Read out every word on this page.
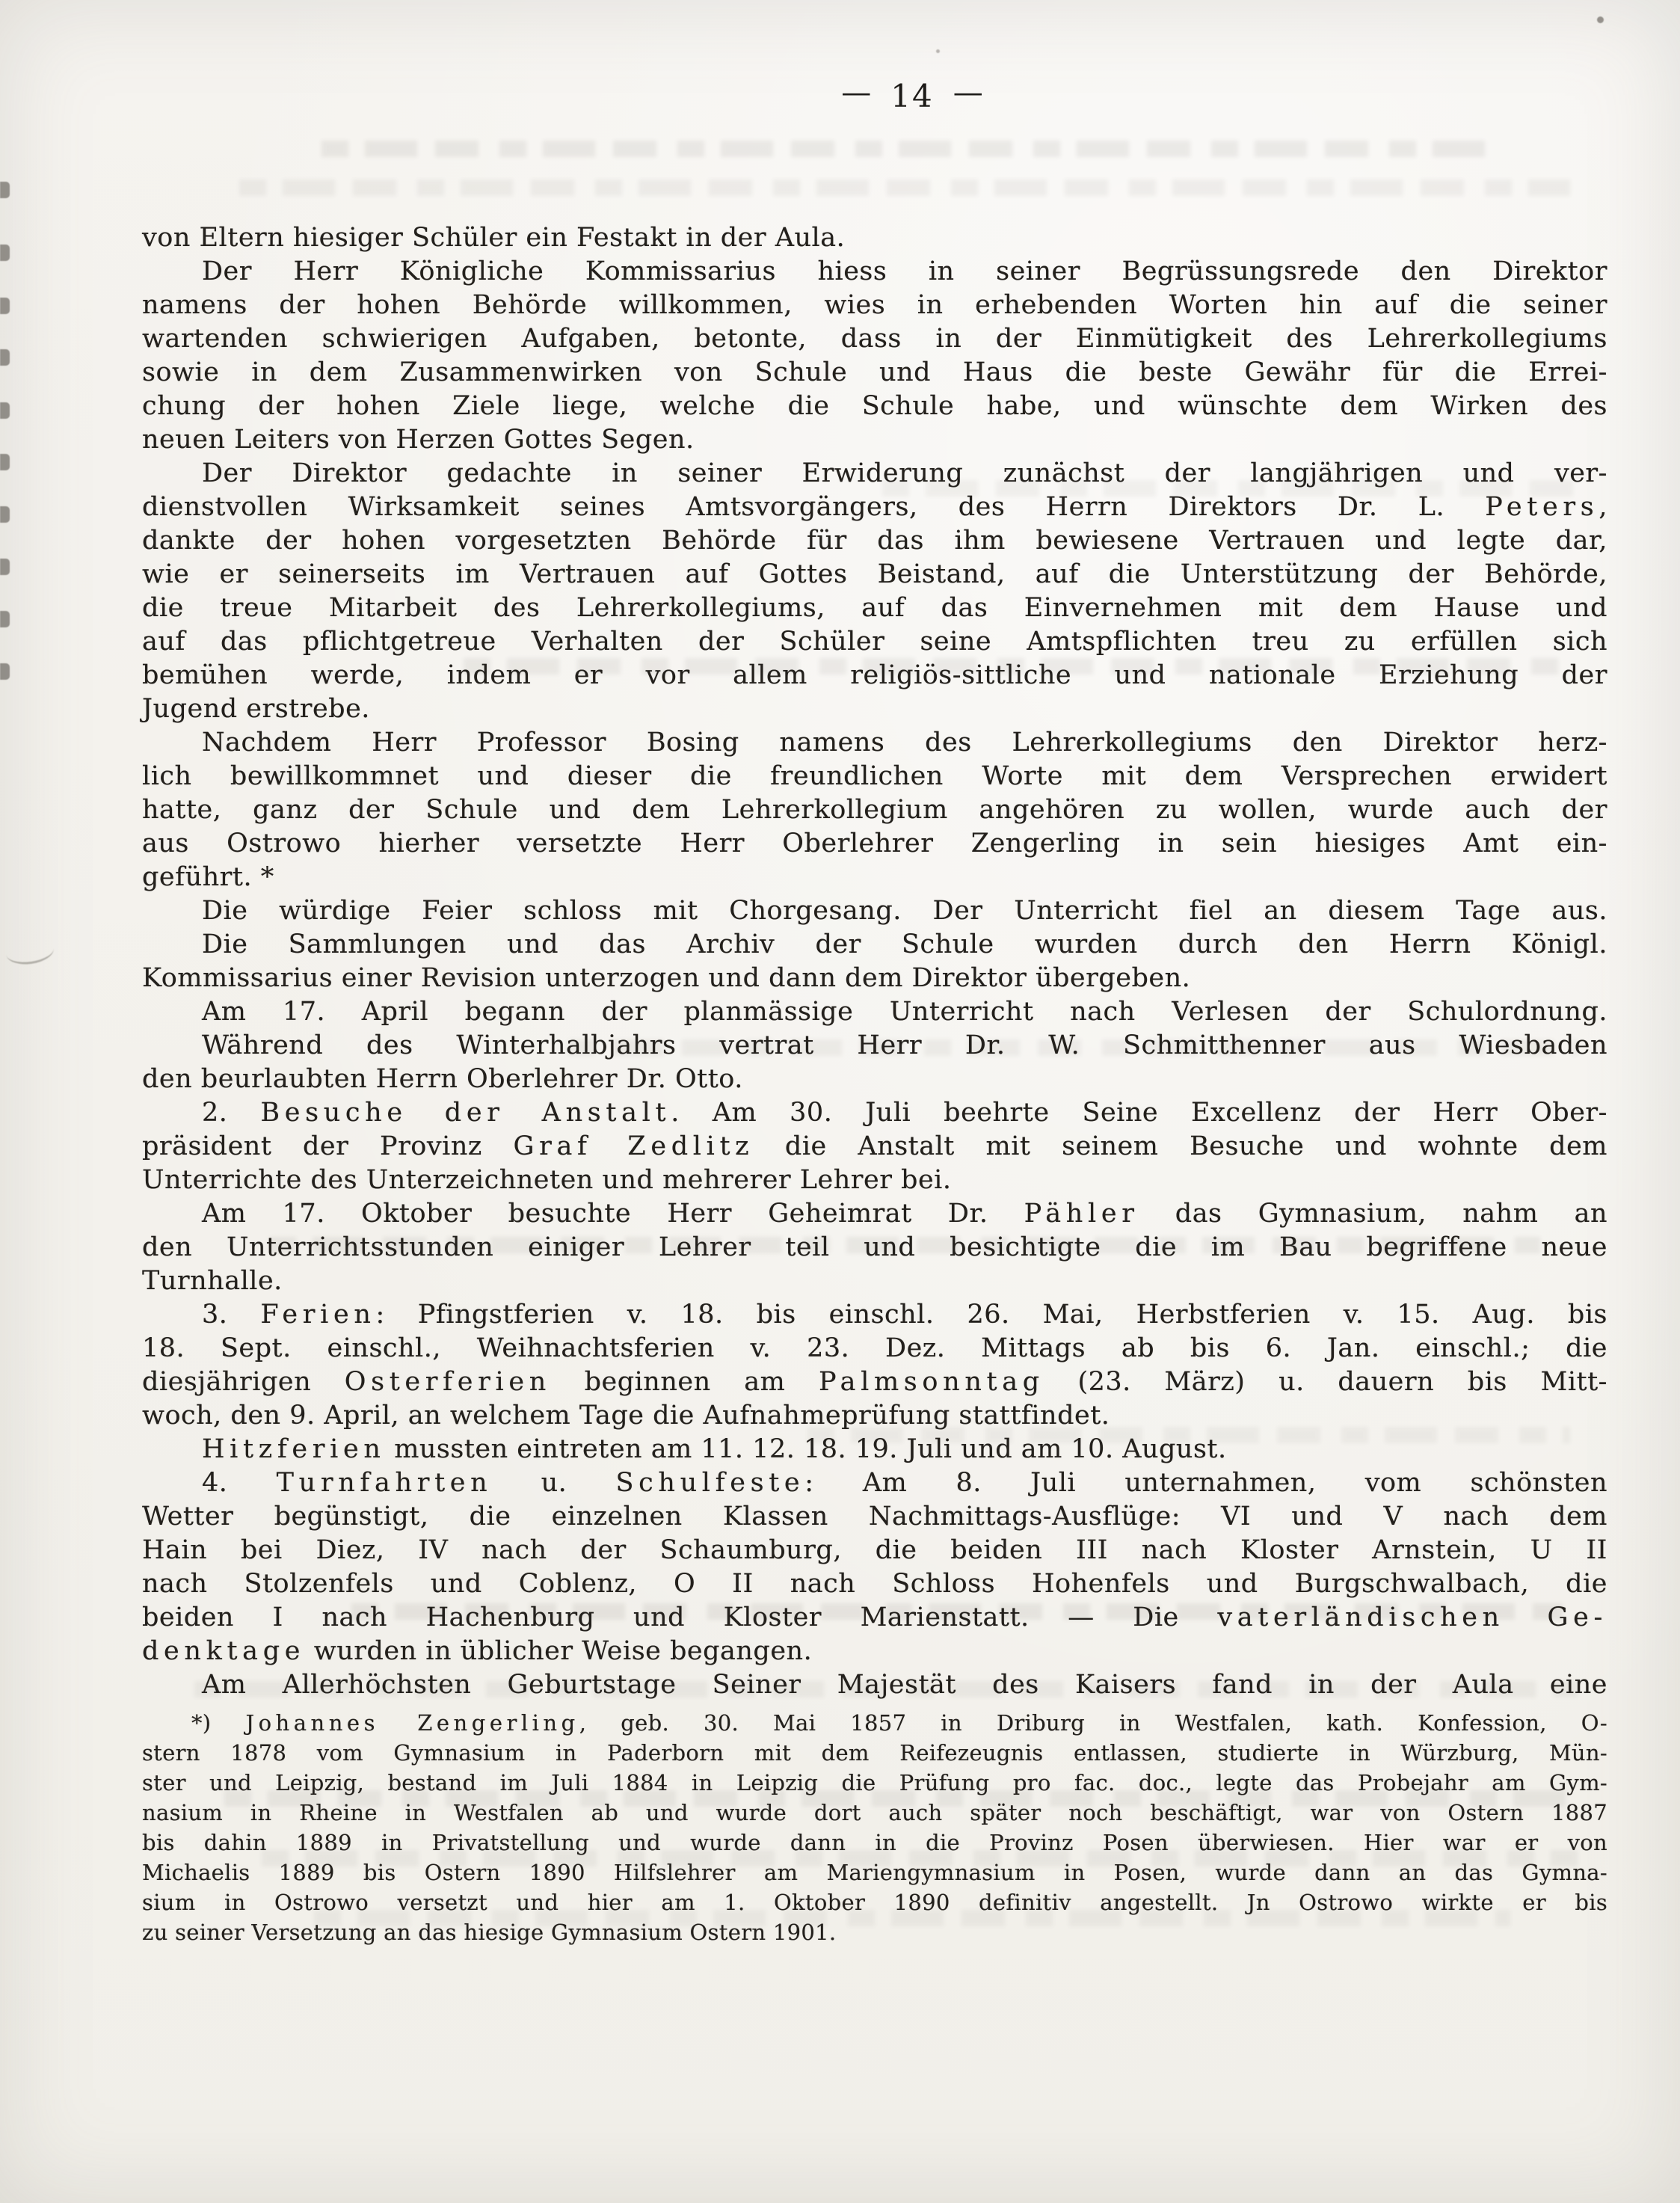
— 14 —
von Eltern hiesiger Schüler ein Festakt in der Aula.
Der Herr Königliche Kommissarius hiess in seiner Begrüssungsrede den Direktor
namens der hohen Behörde willkommen, wies in erhebenden Worten hin auf die seiner
wartenden schwierigen Aufgaben, betonte, dass in der Einmütigkeit des Lehrerkollegiums
sowie in dem Zusammenwirken von Schule und Haus die beste Gewähr für die Errei-
chung der hohen Ziele liege, welche die Schule habe, und wünschte dem Wirken des
neuen Leiters von Herzen Gottes Segen.
Der Direktor gedachte in seiner Erwiderung zunächst der langjährigen und ver-
dienstvollen Wirksamkeit seines Amtsvorgängers, des Herrn Direktors Dr. L. Peters,
dankte der hohen vorgesetzten Behörde für das ihm bewiesene Vertrauen und legte dar,
wie er seinerseits im Vertrauen auf Gottes Beistand, auf die Unterstützung der Behörde,
die treue Mitarbeit des Lehrerkollegiums, auf das Einvernehmen mit dem Hause und
auf das pflichtgetreue Verhalten der Schüler seine Amtspflichten treu zu erfüllen sich
bemühen werde, indem er vor allem religiös-sittliche und nationale Erziehung der
Jugend erstrebe.
Nachdem Herr Professor Bosing namens des Lehrerkollegiums den Direktor herz-
lich bewillkommnet und dieser die freundlichen Worte mit dem Versprechen erwidert
hatte, ganz der Schule und dem Lehrerkollegium angehören zu wollen, wurde auch der
aus Ostrowo hierher versetzte Herr Oberlehrer Zengerling in sein hiesiges Amt ein-
geführt. *
Die würdige Feier schloss mit Chorgesang. Der Unterricht fiel an diesem Tage aus.
Die Sammlungen und das Archiv der Schule wurden durch den Herrn Königl.
Kommissarius einer Revision unterzogen und dann dem Direktor übergeben.
Am 17. April begann der planmässige Unterricht nach Verlesen der Schulordnung.
Während des Winterhalbjahrs vertrat Herr Dr. W. Schmitthenner aus Wiesbaden
den beurlaubten Herrn Oberlehrer Dr. Otto.
2. Besuche der Anstalt. Am 30. Juli beehrte Seine Excellenz der Herr Ober-
präsident der Provinz Graf Zedlitz die Anstalt mit seinem Besuche und wohnte dem
Unterrichte des Unterzeichneten und mehrerer Lehrer bei.
Am 17. Oktober besuchte Herr Geheimrat Dr. Pähler das Gymnasium, nahm an
den Unterrichtsstunden einiger Lehrer teil und besichtigte die im Bau begriffene neue
Turnhalle.
3. Ferien: Pfingstferien v. 18. bis einschl. 26. Mai, Herbstferien v. 15. Aug. bis
18. Sept. einschl., Weihnachtsferien v. 23. Dez. Mittags ab bis 6. Jan. einschl.; die
diesjährigen Osterferien beginnen am Palmsonntag (23. März) u. dauern bis Mitt-
woch, den 9. April, an welchem Tage die Aufnahmeprüfung stattfindet.
Hitzferien mussten eintreten am 11. 12. 18. 19. Juli und am 10. August.
4. Turnfahrten u. Schulfeste: Am 8. Juli unternahmen, vom schönsten
Wetter begünstigt, die einzelnen Klassen Nachmittags-Ausflüge: VI und V nach dem
Hain bei Diez, IV nach der Schaumburg, die beiden III nach Kloster Arnstein, U II
nach Stolzenfels und Coblenz, O II nach Schloss Hohenfels und Burgschwalbach, die
beiden I nach Hachenburg und Kloster Marienstatt. — Die vaterländischen Ge-
denktage wurden in üblicher Weise begangen.
Am Allerhöchsten Geburtstage Seiner Majestät des Kaisers fand in der Aula eine
*) Johannes Zengerling, geb. 30. Mai 1857 in Driburg in Westfalen, kath. Konfession, O-
stern 1878 vom Gymnasium in Paderborn mit dem Reifezeugnis entlassen, studierte in Würzburg, Mün-
ster und Leipzig, bestand im Juli 1884 in Leipzig die Prüfung pro fac. doc., legte das Probejahr am Gym-
nasium in Rheine in Westfalen ab und wurde dort auch später noch beschäftigt, war von Ostern 1887
bis dahin 1889 in Privatstellung und wurde dann in die Provinz Posen überwiesen. Hier war er von
Michaelis 1889 bis Ostern 1890 Hilfslehrer am Mariengymnasium in Posen, wurde dann an das Gymna-
sium in Ostrowo versetzt und hier am 1. Oktober 1890 definitiv angestellt. Jn Ostrowo wirkte er bis
zu seiner Versetzung an das hiesige Gymnasium Ostern 1901.
